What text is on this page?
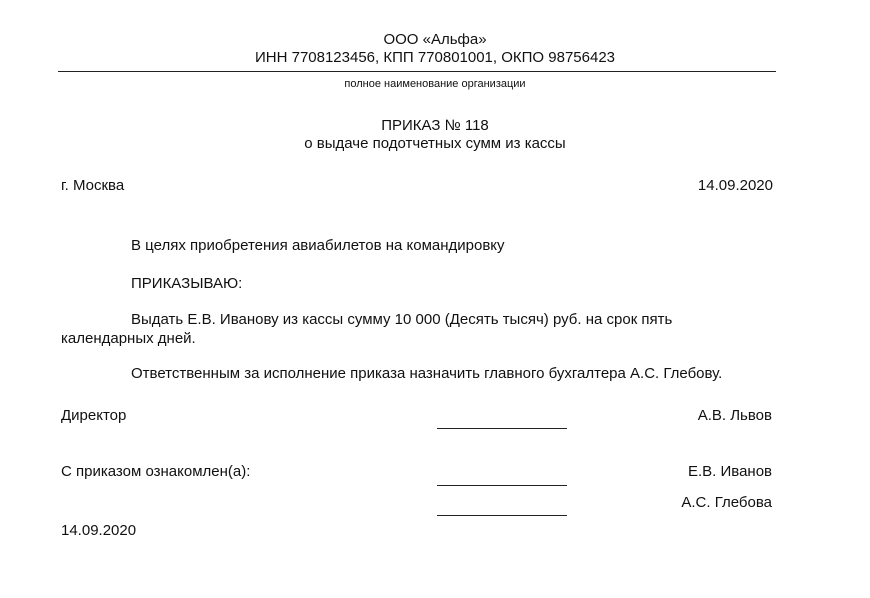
ООО «Альфа»
ИНН 7708123456, КПП 770801001, ОКПО 98756423
полное наименование организации
ПРИКАЗ № 118
о выдаче подотчетных сумм из кассы
г. Москва	14.09.2020
В целях приобретения авиабилетов на командировку
ПРИКАЗЫВАЮ:
Выдать Е.В. Иванову из кассы сумму 10 000 (Десять тысяч) руб. на срок пять
календарных дней.
Ответственным за исполнение приказа назначить главного бухгалтера А.С. Глебову.
Директор	А.В. Львов
С приказом ознакомлен(а):	Е.В. Иванов
А.С. Глебова
14.09.2020
